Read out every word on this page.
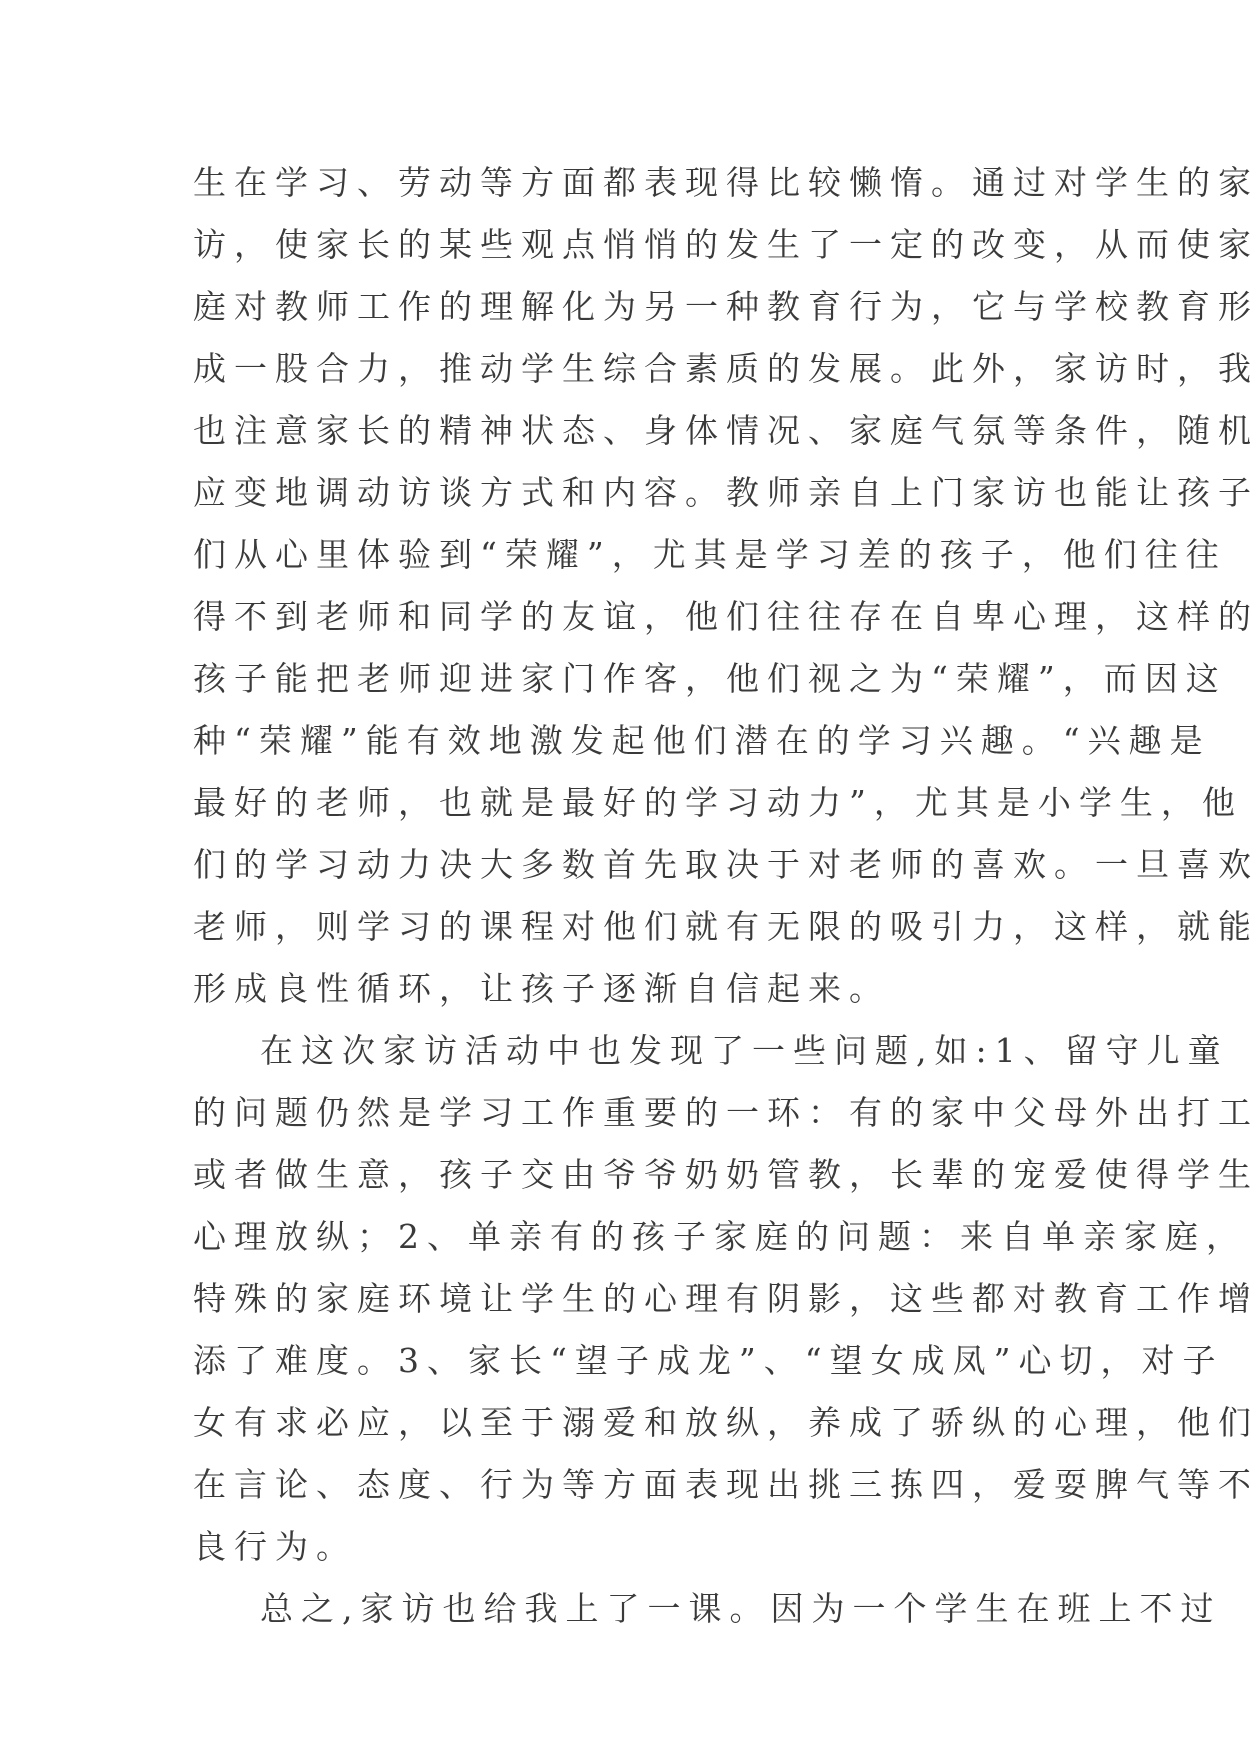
生在学习、劳动等方面都表现得比较懒惰。通过对学生的家
访，使家长的某些观点悄悄的发生了一定的改变，从而使家
庭对教师工作的理解化为另一种教育行为，它与学校教育形
成一股合力，推动学生综合素质的发展。此外，家访时，我
也注意家长的精神状态、身体情况、家庭气氛等条件，随机
应变地调动访谈方式和内容。教师亲自上门家访也能让孩子
们从心里体验到“荣耀”，尤其是学习差的孩子，他们往往
得不到老师和同学的友谊，他们往往存在自卑心理，这样的
孩子能把老师迎进家门作客，他们视之为“荣耀”，而因这
种“荣耀”能有效地激发起他们潜在的学习兴趣。“兴趣是
最好的老师，也就是最好的学习动力”，尤其是小学生，他
们的学习动力决大多数首先取决于对老师的喜欢。一旦喜欢
老师，则学习的课程对他们就有无限的吸引力，这样，就能
形成良性循环，让孩子逐渐自信起来。
在这次家访活动中也发现了一些问题,如:1、留守儿童
的问题仍然是学习工作重要的一环：有的家中父母外出打工
或者做生意，孩子交由爷爷奶奶管教，长辈的宠爱使得学生
心理放纵；2、单亲有的孩子家庭的问题：来自单亲家庭，
特殊的家庭环境让学生的心理有阴影，这些都对教育工作增
添了难度。3、家长“望子成龙”、“望女成凤”心切，对子
女有求必应，以至于溺爱和放纵，养成了骄纵的心理，他们
在言论、态度、行为等方面表现出挑三拣四，爱耍脾气等不
良行为。
总之,家访也给我上了一课。因为一个学生在班上不过
